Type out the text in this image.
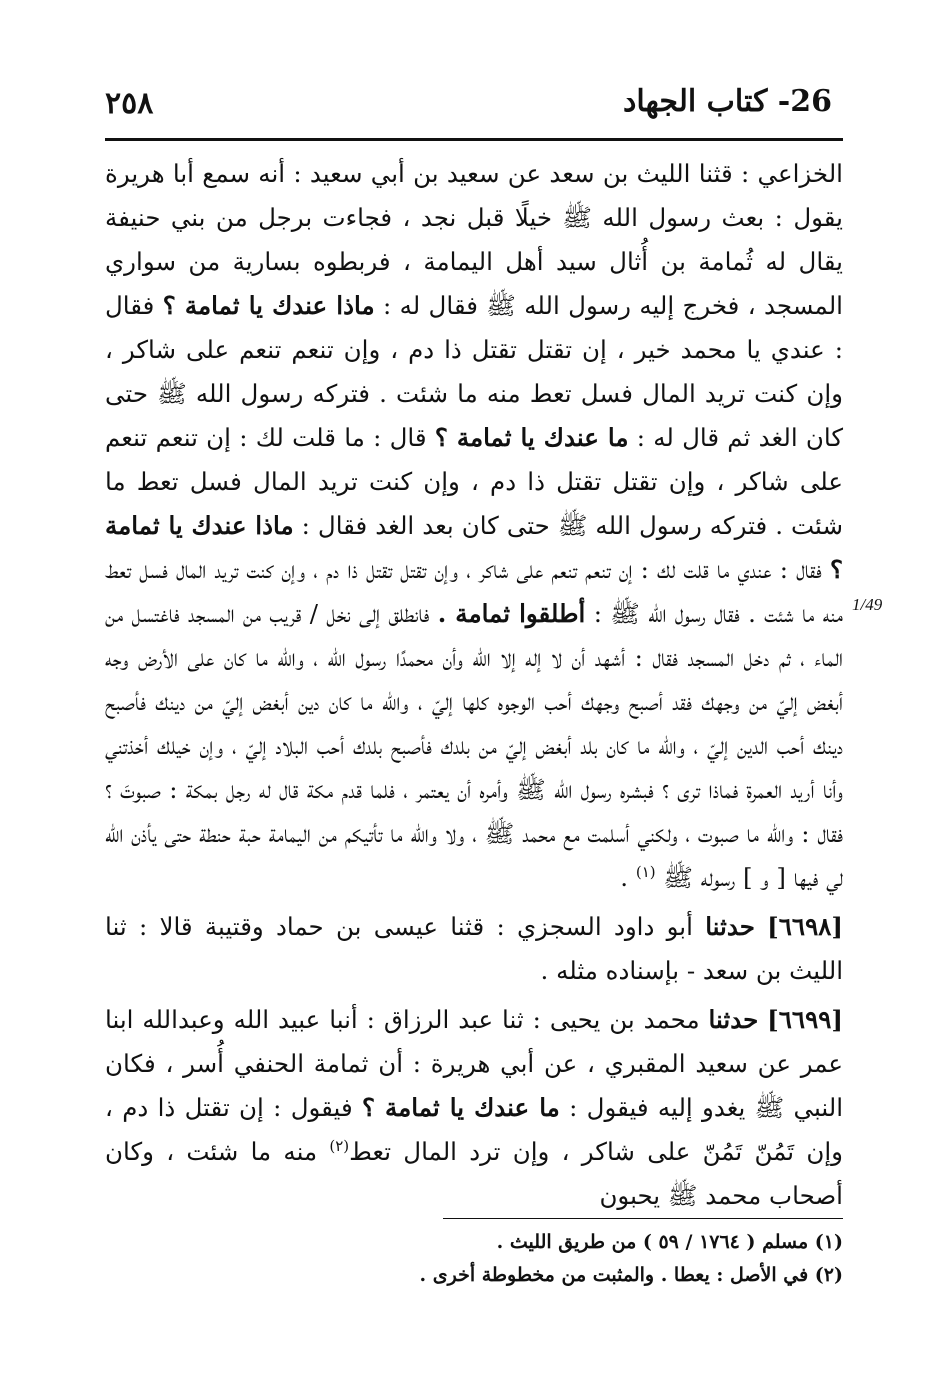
٢٥٨	26- كتاب الجهاد
1/49

الخزاعي : قثنا الليث بن سعد عن سعيد بن أبي سعيد : أنه سمع أبا هريرة يقول : بعث رسول الله ﷺ خيلًا قبل نجد ، فجاءت برجل من بني حنيفة يقال له ثُمامة بن أُثال سيد أهل اليمامة ، فربطوه بسارية من سواري المسجد ، فخرج إليه رسول الله ﷺ فقال له : ماذا عندك يا ثمامة ؟ فقال : عندي يا محمد خير ، إن تقتل تقتل ذا دم ، وإن تنعم تنعم على شاكر ، وإن كنت تريد المال فسل تعط منه ما شئت . فتركه رسول الله ﷺ حتى كان الغد ثم قال له : ما عندك يا ثمامة ؟ قال : ما قلت لك : إن تنعم تنعم على شاكر ، وإن تقتل تقتل ذا دم ، وإن كنت تريد المال فسل تعط ما شئت . فتركه رسول الله ﷺ حتى كان بعد الغد فقال : ماذا عندك يا ثمامة ؟ فقال : عندي ما قلت لك : إن تنعم تنعم على شاكر ، وإن تقتل تقتل ذا دم ، وإن كنت تريد المال فسل تعط منه ما شئت . فقال رسول الله ﷺ : أطلقوا ثمامة . فانطلق إلى نخل / قريب من المسجد فاغتسل من الماء ، ثم دخل المسجد فقال : أشهد أن لا إله إلا الله وأن محمدًا رسول الله ، والله ما كان على الأرض وجه أبغض إليّ من وجهك فقد أصبح وجهك أحب الوجوه كلها إليّ ، والله ما كان دين أبغض إليّ من دينك فأصبح دينك أحب الدين إليّ ، والله ما كان بلد أبغض إليّ من بلدك فأصبح بلدك أحب البلاد إليّ ، وإن خيلك أخذتني وأنا أريد العمرة فماذا ترى ؟ فبشره رسول الله ﷺ وأمره أن يعتمر ، فلما قدم مكة قال له رجل بمكة : صبوتَ ؟ فقال : والله ما صبوت ، ولكني أسلمت مع محمد ﷺ ، ولا والله ما تأتيكم من اليمامة حبة حنطة حتى يأذن الله لي فيها [ و ] رسوله ﷺ $^{(١)}$ .

[٦٦٩٨] حدثنا أبو داود السجزي : قثنا عيسى بن حماد وقتيبة قالا : ثنا الليث بن سعد - بإسناده مثله .

[٦٦٩٩] حدثنا محمد بن يحيى : ثنا عبد الرزاق : أنبا عبيد الله وعبدالله ابنا عمر عن سعيد المقبري ، عن أبي هريرة : أن ثمامة الحنفي أُسر ، فكان النبي ﷺ يغدو إليه فيقول : ما عندك يا ثمامة ؟ فيقول : إن تقتل ذا دم ، وإن تَمُنّ تَمُنّ على شاكر ، وإن ترد المال تعط$^{(٢)}$ منه ما شئت ، وكان أصحاب محمد ﷺ يحبون

(١) مسلم ( ١٧٦٤ / ٥٩ ) من طريق الليث .

(٢) في الأصل : يعطا . والمثبت من مخطوطة أخرى .
